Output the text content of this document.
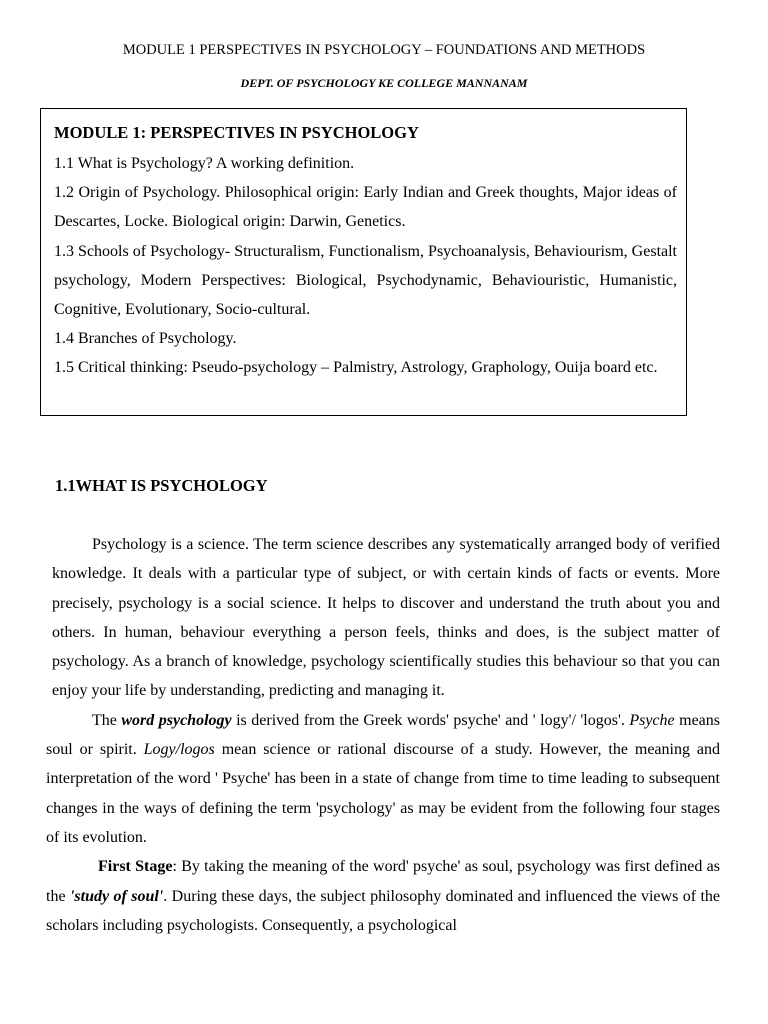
MODULE 1 PERSPECTIVES IN PSYCHOLOGY – FOUNDATIONS AND METHODS
DEPT. OF PSYCHOLOGY KE COLLEGE MANNANAM
MODULE 1: PERSPECTIVES IN PSYCHOLOGY

1.1 What is Psychology? A working definition.

1.2 Origin of Psychology. Philosophical origin: Early Indian and Greek thoughts, Major ideas of Descartes, Locke. Biological origin: Darwin, Genetics.

1.3 Schools of Psychology- Structuralism, Functionalism, Psychoanalysis, Behaviourism, Gestalt psychology, Modern Perspectives: Biological, Psychodynamic, Behaviouristic, Humanistic, Cognitive, Evolutionary, Socio-cultural.

1.4 Branches of Psychology.

1.5 Critical thinking: Pseudo-psychology – Palmistry, Astrology, Graphology, Ouija board etc.

1.1WHAT IS PSYCHOLOGY

Psychology is a science. The term science describes any systematically arranged body of verified knowledge. It deals with a particular type of subject, or with certain kinds of facts or events. More precisely, psychology is a social science. It helps to discover and understand the truth about you and others. In human, behaviour everything a person feels, thinks and does, is the subject matter of psychology. As a branch of knowledge, psychology scientifically studies this behaviour so that you can enjoy your life by understanding, predicting and managing it.

The word psychology is derived from the Greek words' psyche' and ' logy'/ 'logos'. Psyche means soul or spirit. Logy/logos mean science or rational discourse of a study. However, the meaning and interpretation of the word ' Psyche' has been in a state of change from time to time leading to subsequent changes in the ways of defining the term 'psychology' as may be evident from the following four stages of its evolution.

First Stage: By taking the meaning of the word' psyche' as soul, psychology was first defined as the 'study of soul'. During these days, the subject philosophy dominated and influenced the views of the scholars including psychologists. Consequently, a psychological
